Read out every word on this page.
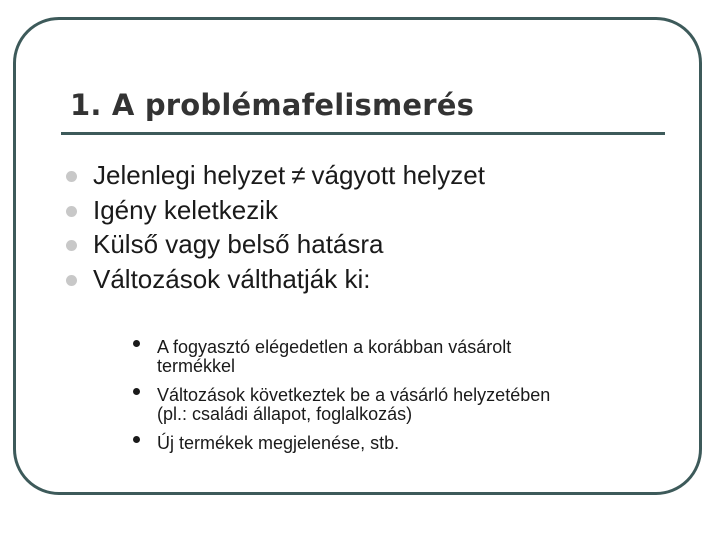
1. A problémafelismerés
Jelenlegi helyzet ≠ vágyott helyzet
Igény keletkezik
Külső vagy belső hatásra
Változások válthatják ki:
A fogyasztó elégedetlen a korábban vásárolt
termékkel
Változások következtek be a vásárló helyzetében
(pl.: családi állapot, foglalkozás)
Új termékek megjelenése, stb.
